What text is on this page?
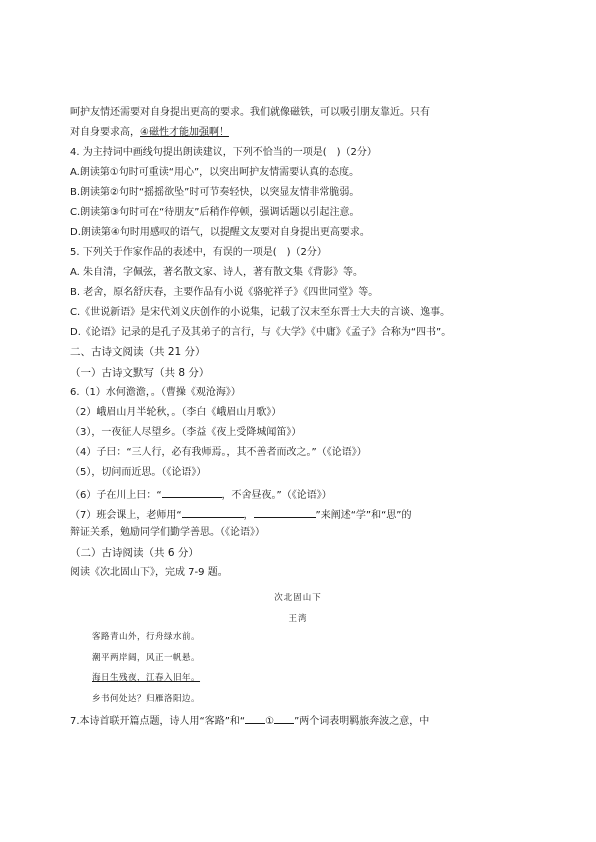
呵护友情还需要对自身提出更高的要求。我们就像磁铁，可以吸引朋友靠近。只有
对自身要求高，④磁性才能加强啊！
4. 为主持词中画线句提出朗读建议，下列不恰当的一项是(　)（2分）
A.朗读第①句时可重读“用心”，以突出呵护友情需要认真的态度。
B.朗读第②句时“摇摇欲坠”时可节奏轻快，以突显友情非常脆弱。
C.朗读第③句时可在“待朋友”后稍作停顿，强调话题以引起注意。
D.朗读第④句时用感叹的语气，以提醒文友要对自身提出更高要求。
5. 下列关于作家作品的表述中，有误的一项是(　)（2分）
A. 朱自清，字佩弦，著名散文家、诗人，著有散文集《背影》等。
B. 老舍，原名舒庆春，主要作品有小说《骆驼祥子》《四世同堂》等。
C.《世说新语》是宋代刘义庆创作的小说集，记载了汉末至东晋士大夫的言谈、逸事。
D.《论语》记录的是孔子及其弟子的言行，与《大学》《中庸》《孟子》合称为“四书”。
二、古诗文阅读（共 21 分）
（一）古诗文默写（共 8 分）
6.（1）水何澹澹，。（曹操《观沧海》）
（2）峨眉山月半轮秋，。（李白《峨眉山月歌》）
（3），一夜征人尽望乡。（李益《夜上受降城闻笛》）
（4）子曰：“三人行，必有我师焉。，其不善者而改之。”（《论语》）
（5），切问而近思。（《论语》）
（6）子在川上曰：“	，不舍昼夜。”（《论语》）
（7）班会课上，老师用“	，	”来阐述“学”和“思”的
辩证关系，勉励同学们勤学善思。（《论语》）
（二）古诗阅读（共 6 分）
阅读《次北固山下》，完成 7-9 题。
次北固山下
王湾
客路青山外，行舟绿水前。
潮平两岸阔，风正一帆悬。
海日生残夜，江春入旧年。
乡书何处达？归雁洛阳边。
7.本诗首联开篇点题，诗人用“客路”和“ ① ”两个词表明羁旅奔波之意，中
